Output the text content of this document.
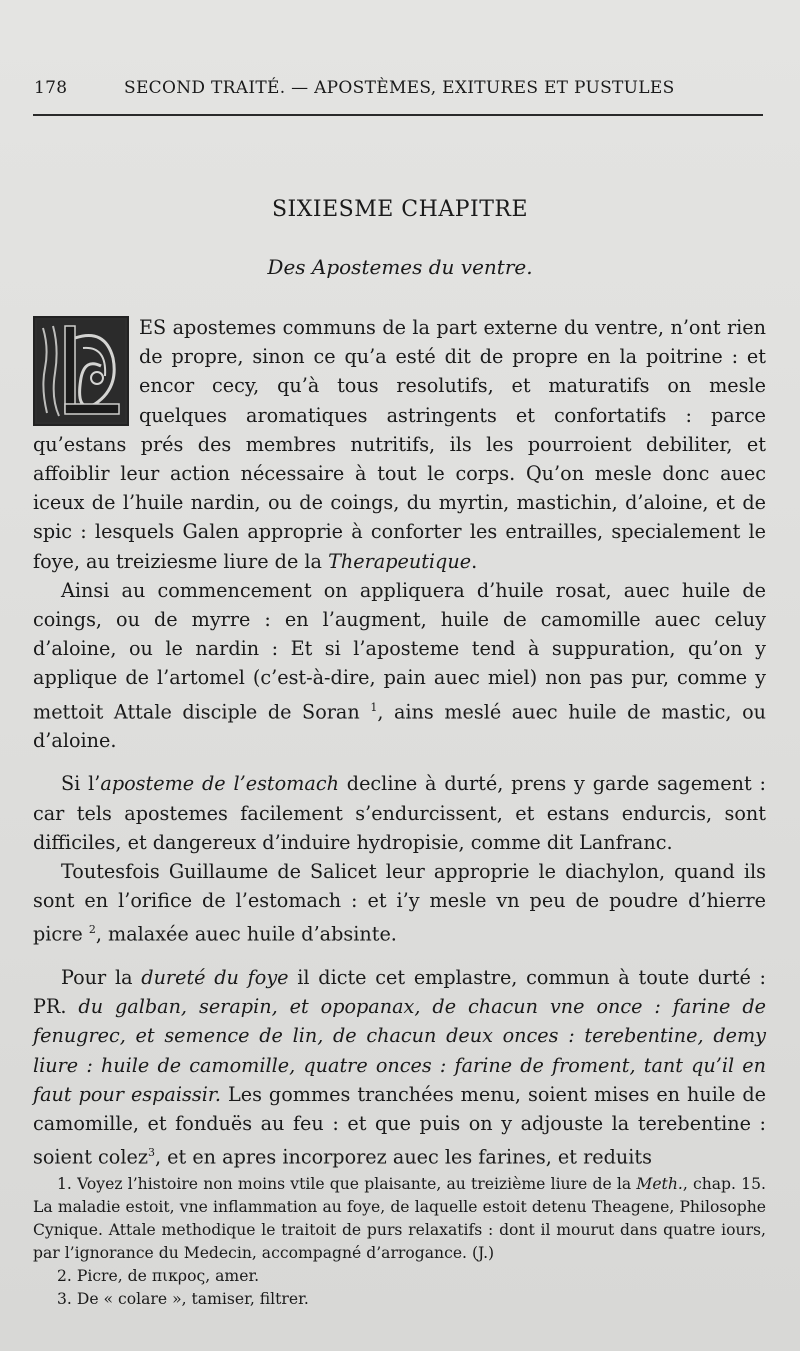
178	SECOND TRAITÉ. — APOSTÈMES, EXITURES ET PUSTULES
SIXIESME CHAPITRE
Des Apostemes du ventre.

ES apostemes communs de la part externe du ventre, n’ont rien de propre, sinon ce qu’a esté dit de propre en la poitrine : et encor cecy, qu’à tous resolutifs, et maturatifs on mesle quelques aromatiques astringents et confortatifs : parce qu’estans prés des membres nutritifs, ils les pourroient debiliter, et affoiblir leur action nécessaire à tout le corps. Qu’on mesle donc auec iceux de l’huile nardin, ou de coings, du myrtin, mastichin, d’aloine, et de spic : lesquels Galen approprie à conforter les entrailles, specialement le foye, au treiziesme liure de la Therapeutique.

Ainsi au commencement on appliquera d’huile rosat, auec huile de coings, ou de myrre : en l’augment, huile de camomille auec celuy d’aloine, ou le nardin : Et si l’aposteme tend à suppuration, qu’on y applique de l’artomel (c’est-à-dire, pain auec miel) non pas pur, comme y mettoit Attale disciple de Soran $^1$, ains meslé auec huile de mastic, ou d’aloine.

Si l’aposteme de l’estomach decline à durté, prens y garde sagement : car tels apostemes facilement s’endurcissent, et estans endurcis, sont difficiles, et dangereux d’induire hydropisie, comme dit Lanfranc.

Toutesfois Guillaume de Salicet leur approprie le diachylon, quand ils sont en l’orifice de l’estomach : et i’y mesle vn peu de poudre d’hierre picre $^2$, malaxée auec huile d’absinte.

Pour la dureté du foye il dicte cet emplastre, commun à toute durté : PR. du galban, serapin, et opopanax, de chacun vne once : farine de fenugrec, et semence de lin, de chacun deux onces : terebentine, demy liure : huile de camomille, quatre onces : farine de froment, tant qu’il en faut pour espaissir. Les gommes tranchées menu, soient mises en huile de camomille, et fonduës au feu : et que puis on y adjouste la terebentine : soient colez$^3$, et en apres incorporez auec les farines, et reduits

1. Voyez l’histoire non moins vtile que plaisante, au treizième liure de la Meth., chap. 15. La maladie estoit, vne inflammation au foye, de laquelle estoit detenu Theagene, Philosophe Cynique. Attale methodique le traitoit de purs relaxatifs : dont il mourut dans quatre iours, par l’ignorance du Medecin, accompagné d’arrogance. (J.)

2. Picre, de πικρος, amer.

3. De « colare », tamiser, filtrer.
